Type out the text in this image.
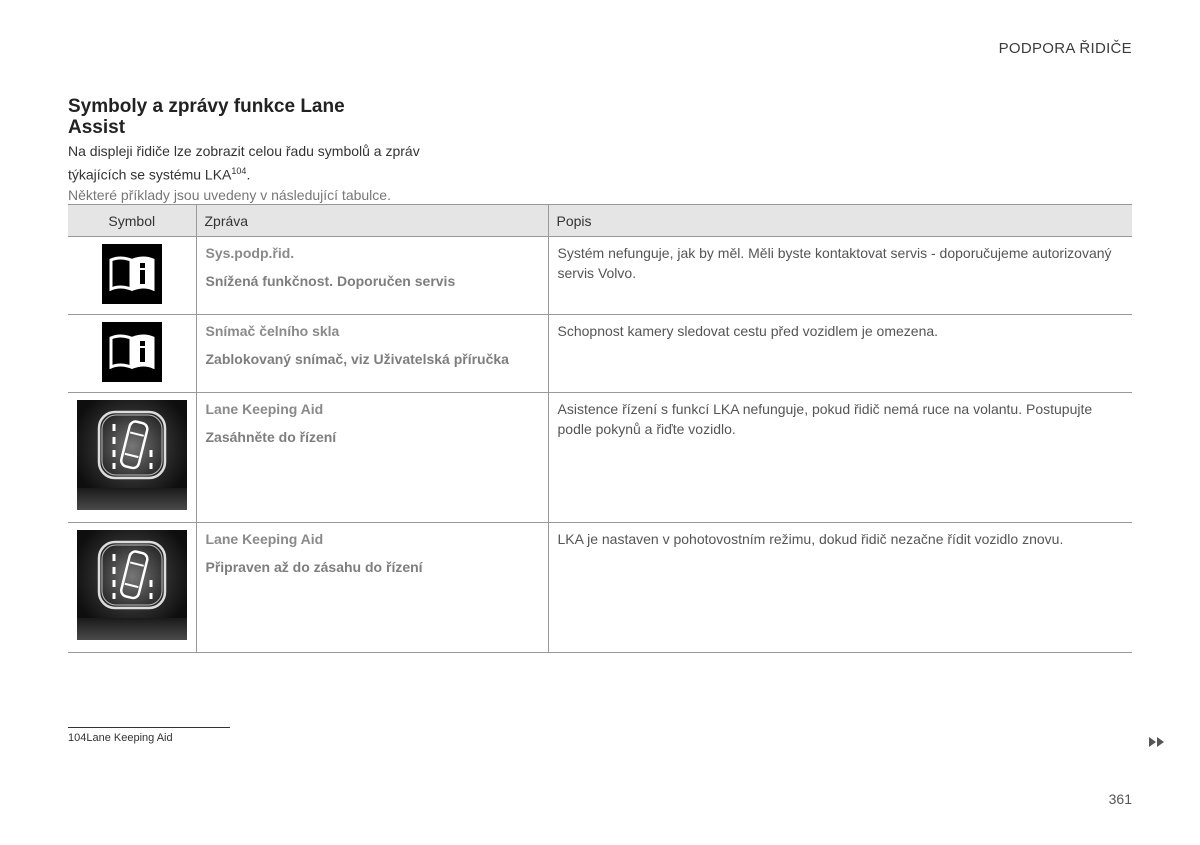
PODPORA ŘIDIČE
Symboly a zprávy funkce Lane Assist
Na displeji řidiče lze zobrazit celou řadu symbolů a zpráv týkajících se systému LKA$^{104}$.
Některé příklady jsou uvedeny v následující tabulce.
Symbol	Zpráva	Popis

Sys.podp.řid.
Snížená funkčnost. Doporučen servis	Systém nefunguje, jak by měl. Měli byste kontaktovat servis - doporučujeme autorizovaný servis Volvo.

Snímač čelního skla
Zablokovaný snímač, viz Uživatelská příručka	Schopnost kamery sledovat cestu před vozidlem je omezena.

Lane Keeping Aid
Zasáhněte do řízení	Asistence řízení s funkcí LKA nefunguje, pokud řidič nemá ruce na volantu. Postupujte podle pokynů a řiďte vozidlo.

Lane Keeping Aid
Připraven až do zásahu do řízení	LKA je nastaven v pohotovostním režimu, dokud řidič nezačne řídit vozidlo znovu.
104Lane Keeping Aid
361
